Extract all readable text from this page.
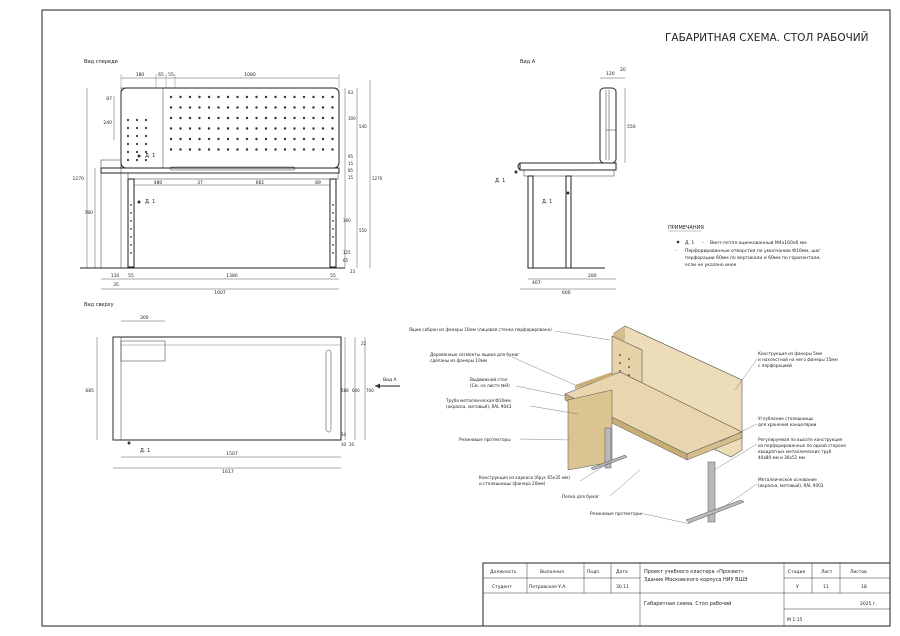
ГАБАРИТНАЯ СХЕМА. СТОЛ РАБОЧИЙ
Вид спереди
Д. 1
Д. 1
180	65 55	1080
87
240
480	37	661	89
63
300
95
15
85
15
360
125
65
23
540
550
1270
1270
780
110
35
55	1380
1607
55
Вид А
Д. 1
Д. 1
120
20
550
407
280
600
ПРИМЕЧАНИЯ
Д. 1 - Винт-петля оцинкованный М4х160х6 мм
- Перфорированные отверстия по умолчанию Ф10мм, шаг
перфорации 60мм по вертикали и 60мм по горизонтали,
если не указано иное
Вид сверху
Д. 1
300
22
588 600 700
34
30 20
Вид А
685
1507
1617
Ящик собран из фанеры 10мм (лицевая стенка перфорирована)
Деревянные сегменты ящика для бумаг
сделаны из фанеры 10мм
Выдвижной стол
(См. на листе №9)
Труба металлическая Ф10мм,
(окраска, матовый), RAL 9043
Резиновые протекторы
Конструкция из каркаса (брус 65х35 мм)
и столешницы (фанера 20мм)
Полка для бумаг
Резиновые протекторы
Конструкция из фанеры 5мм
и нахлестной на него фанеры 15мм
с перфорацией
Углубление столешницы
для хранения канцелярии
Регулируемая по высоте конструкция
из перфорированных по одной стороне
квадратных металлических труб
40х80 мм и 36х51 мм
Металлическое основание
(окраска, матовый), RAL 9003
Должность	Выполнил	Подп.	Дата
Студент	Петровская У.А.	30.11
Проект учебного кластера «Просвет»
Здание Московского корпуса НИУ ВШЭ
Стадия	Лист	Листов
У	11	18
Габаритная схема. Стол рабочий	2025 г.
М 1:15
